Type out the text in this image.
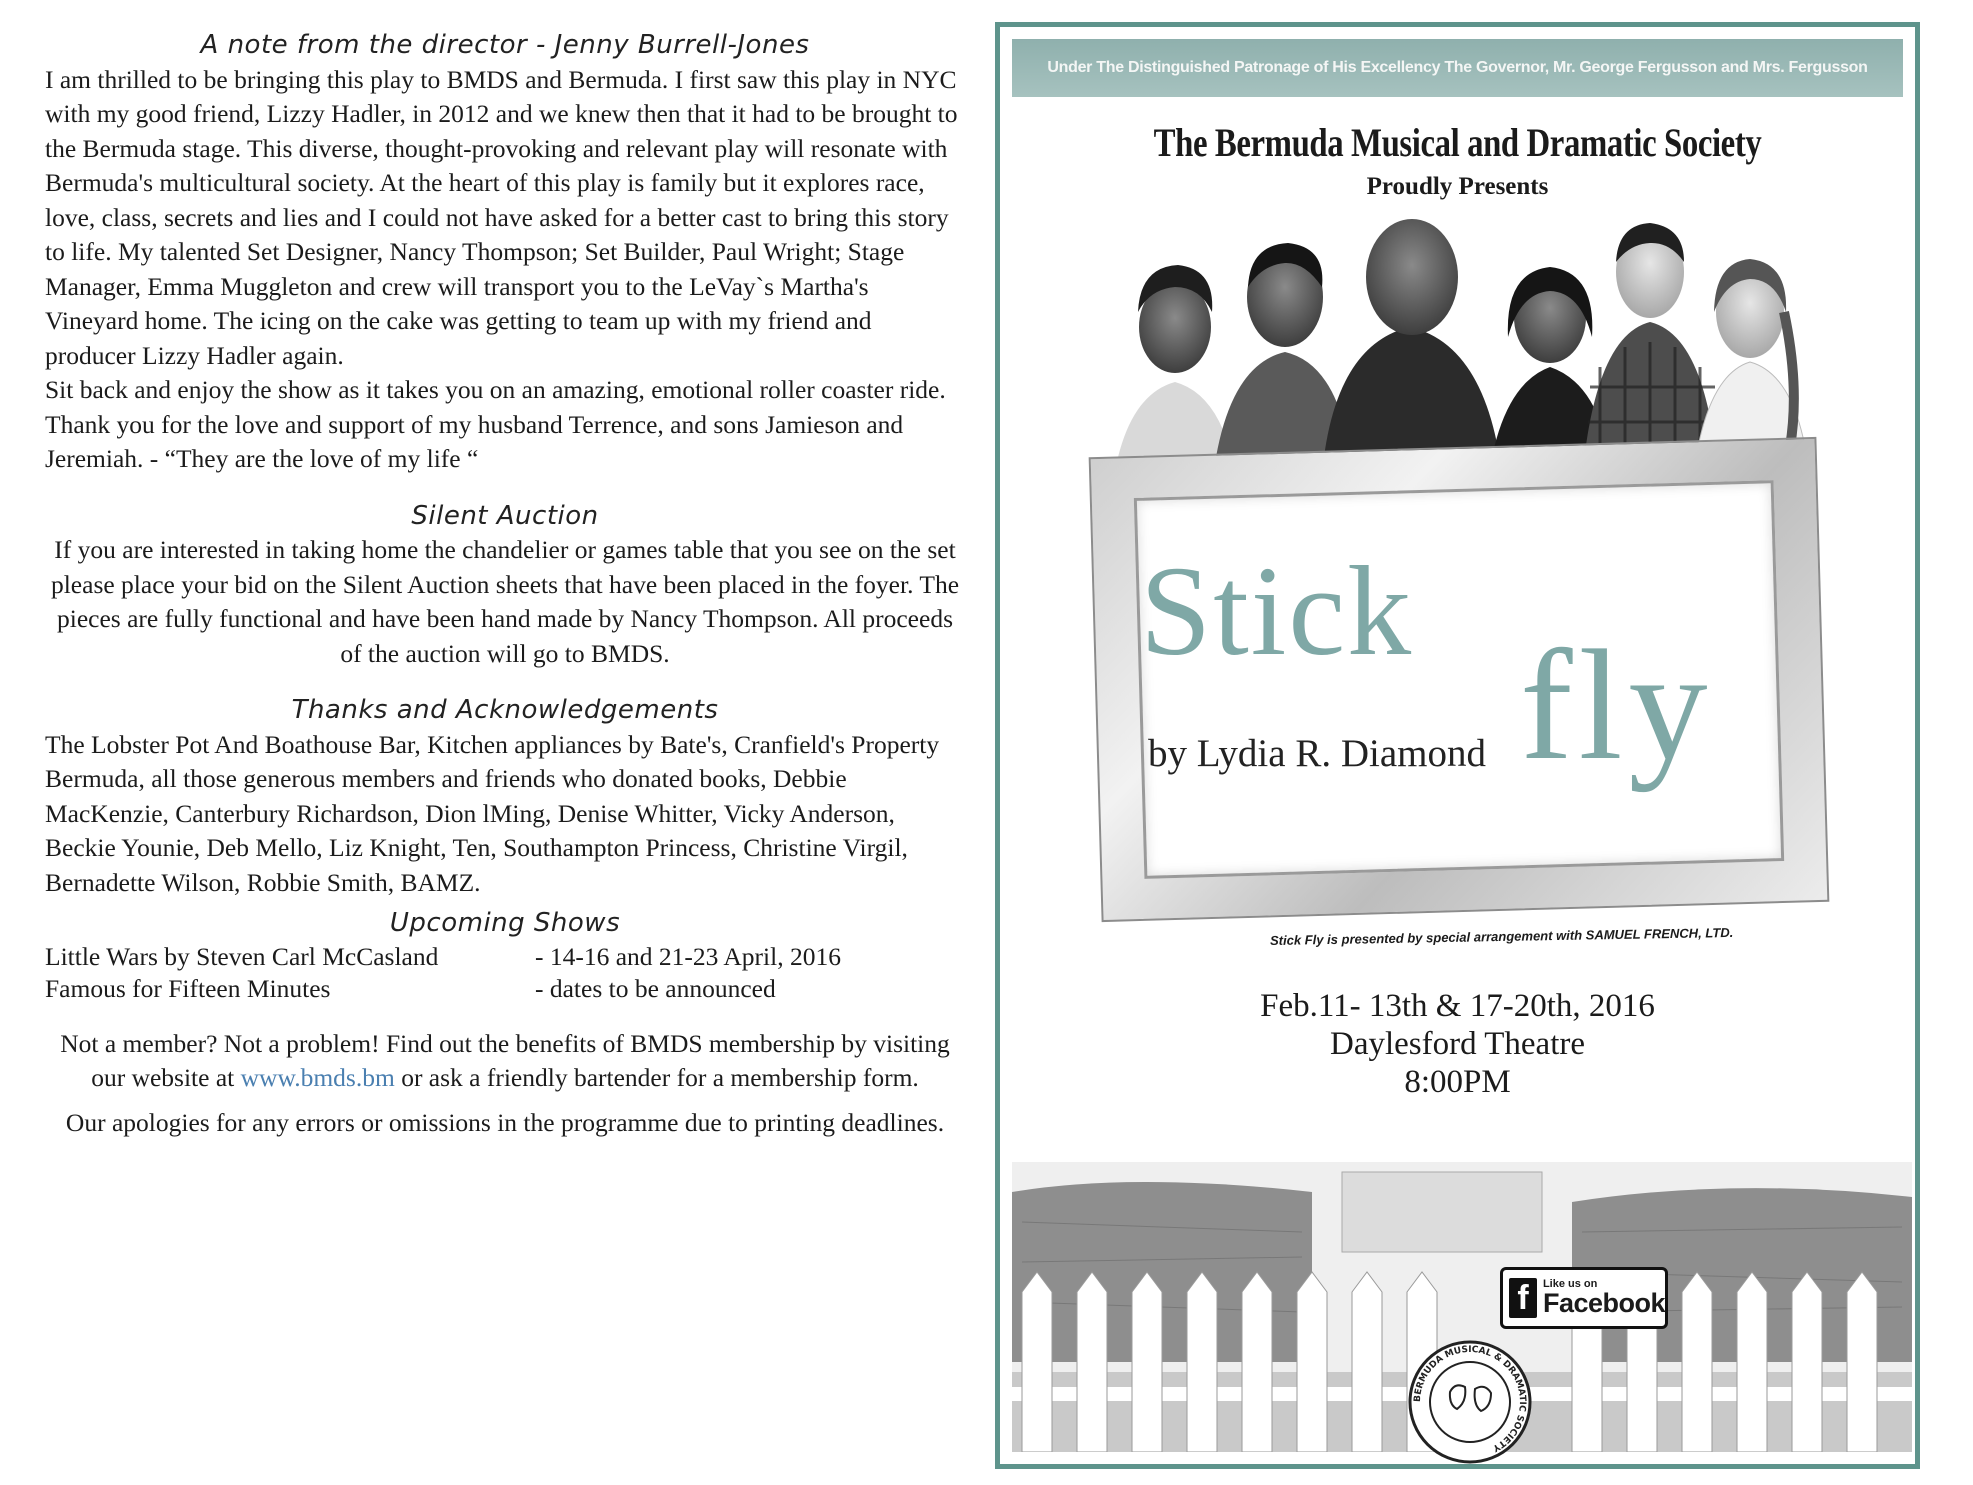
A note from the director - Jenny Burrell-Jones

I am thrilled to be bringing this play to BMDS and Bermuda. I first saw this play in NYC with my good friend, Lizzy Hadler, in 2012 and we knew then that it had to be brought to the Bermuda stage. This diverse, thought-provoking and relevant play will resonate with Bermuda's multicultural society. At the heart of this play is family but it explores race, love, class, secrets and lies and I could not have asked for a better cast to bring this story to life. My talented Set Designer, Nancy Thompson; Set Builder, Paul Wright; Stage Manager, Emma Muggleton and crew will transport you to the LeVay`s Martha's Vineyard home. The icing on the cake was getting to team up with my friend and producer Lizzy Hadler again.

Sit back and enjoy the show as it takes you on an amazing, emotional roller coaster ride.

Thank you for the love and support of my husband Terrence, and sons Jamieson and Jeremiah. - “They are the love of my life “

Silent Auction

If you are interested in taking home the chandelier or games table that you see on the set please place your bid on the Silent Auction sheets that have been placed in the foyer. The pieces are fully functional and have been hand made by Nancy Thompson. All proceeds of the auction will go to BMDS.

Thanks and Acknowledgements

The Lobster Pot And Boathouse Bar, Kitchen appliances by Bate's, Cranfield's Property Bermuda, all those generous members and friends who donated books, Debbie MacKenzie, Canterbury Richardson, Dion lMing, Denise Whitter, Vicky Anderson, Beckie Younie, Deb Mello, Liz Knight, Ten, Southampton Princess, Christine Virgil, Bernadette Wilson, Robbie Smith, BAMZ.

Upcoming Shows
Little Wars by Steven Carl McCasland	- 14-16 and 21-23 April, 2016
Famous for Fifteen Minutes	- dates to be announced

Not a member? Not a problem! Find out the benefits of BMDS membership by visiting our website at www.bmds.bm or ask a friendly bartender for a membership form.

Our apologies for any errors or omissions in the programme due to printing deadlines.

Under The Distinguished Patronage of His Excellency The Governor, Mr. George Fergusson and Mrs. Fergusson
The Bermuda Musical and Dramatic Society
Proudly Presents
Stick
fly
by Lydia R. Diamond
Stick Fly is presented by special arrangement with SAMUEL FRENCH, LTD.
Feb.11- 13th & 17-20th, 2016
Daylesford Theatre
8:00PM
f	Like us on
Facebook
BERMUDA MUSICAL & DRAMATIC SOCIETY
